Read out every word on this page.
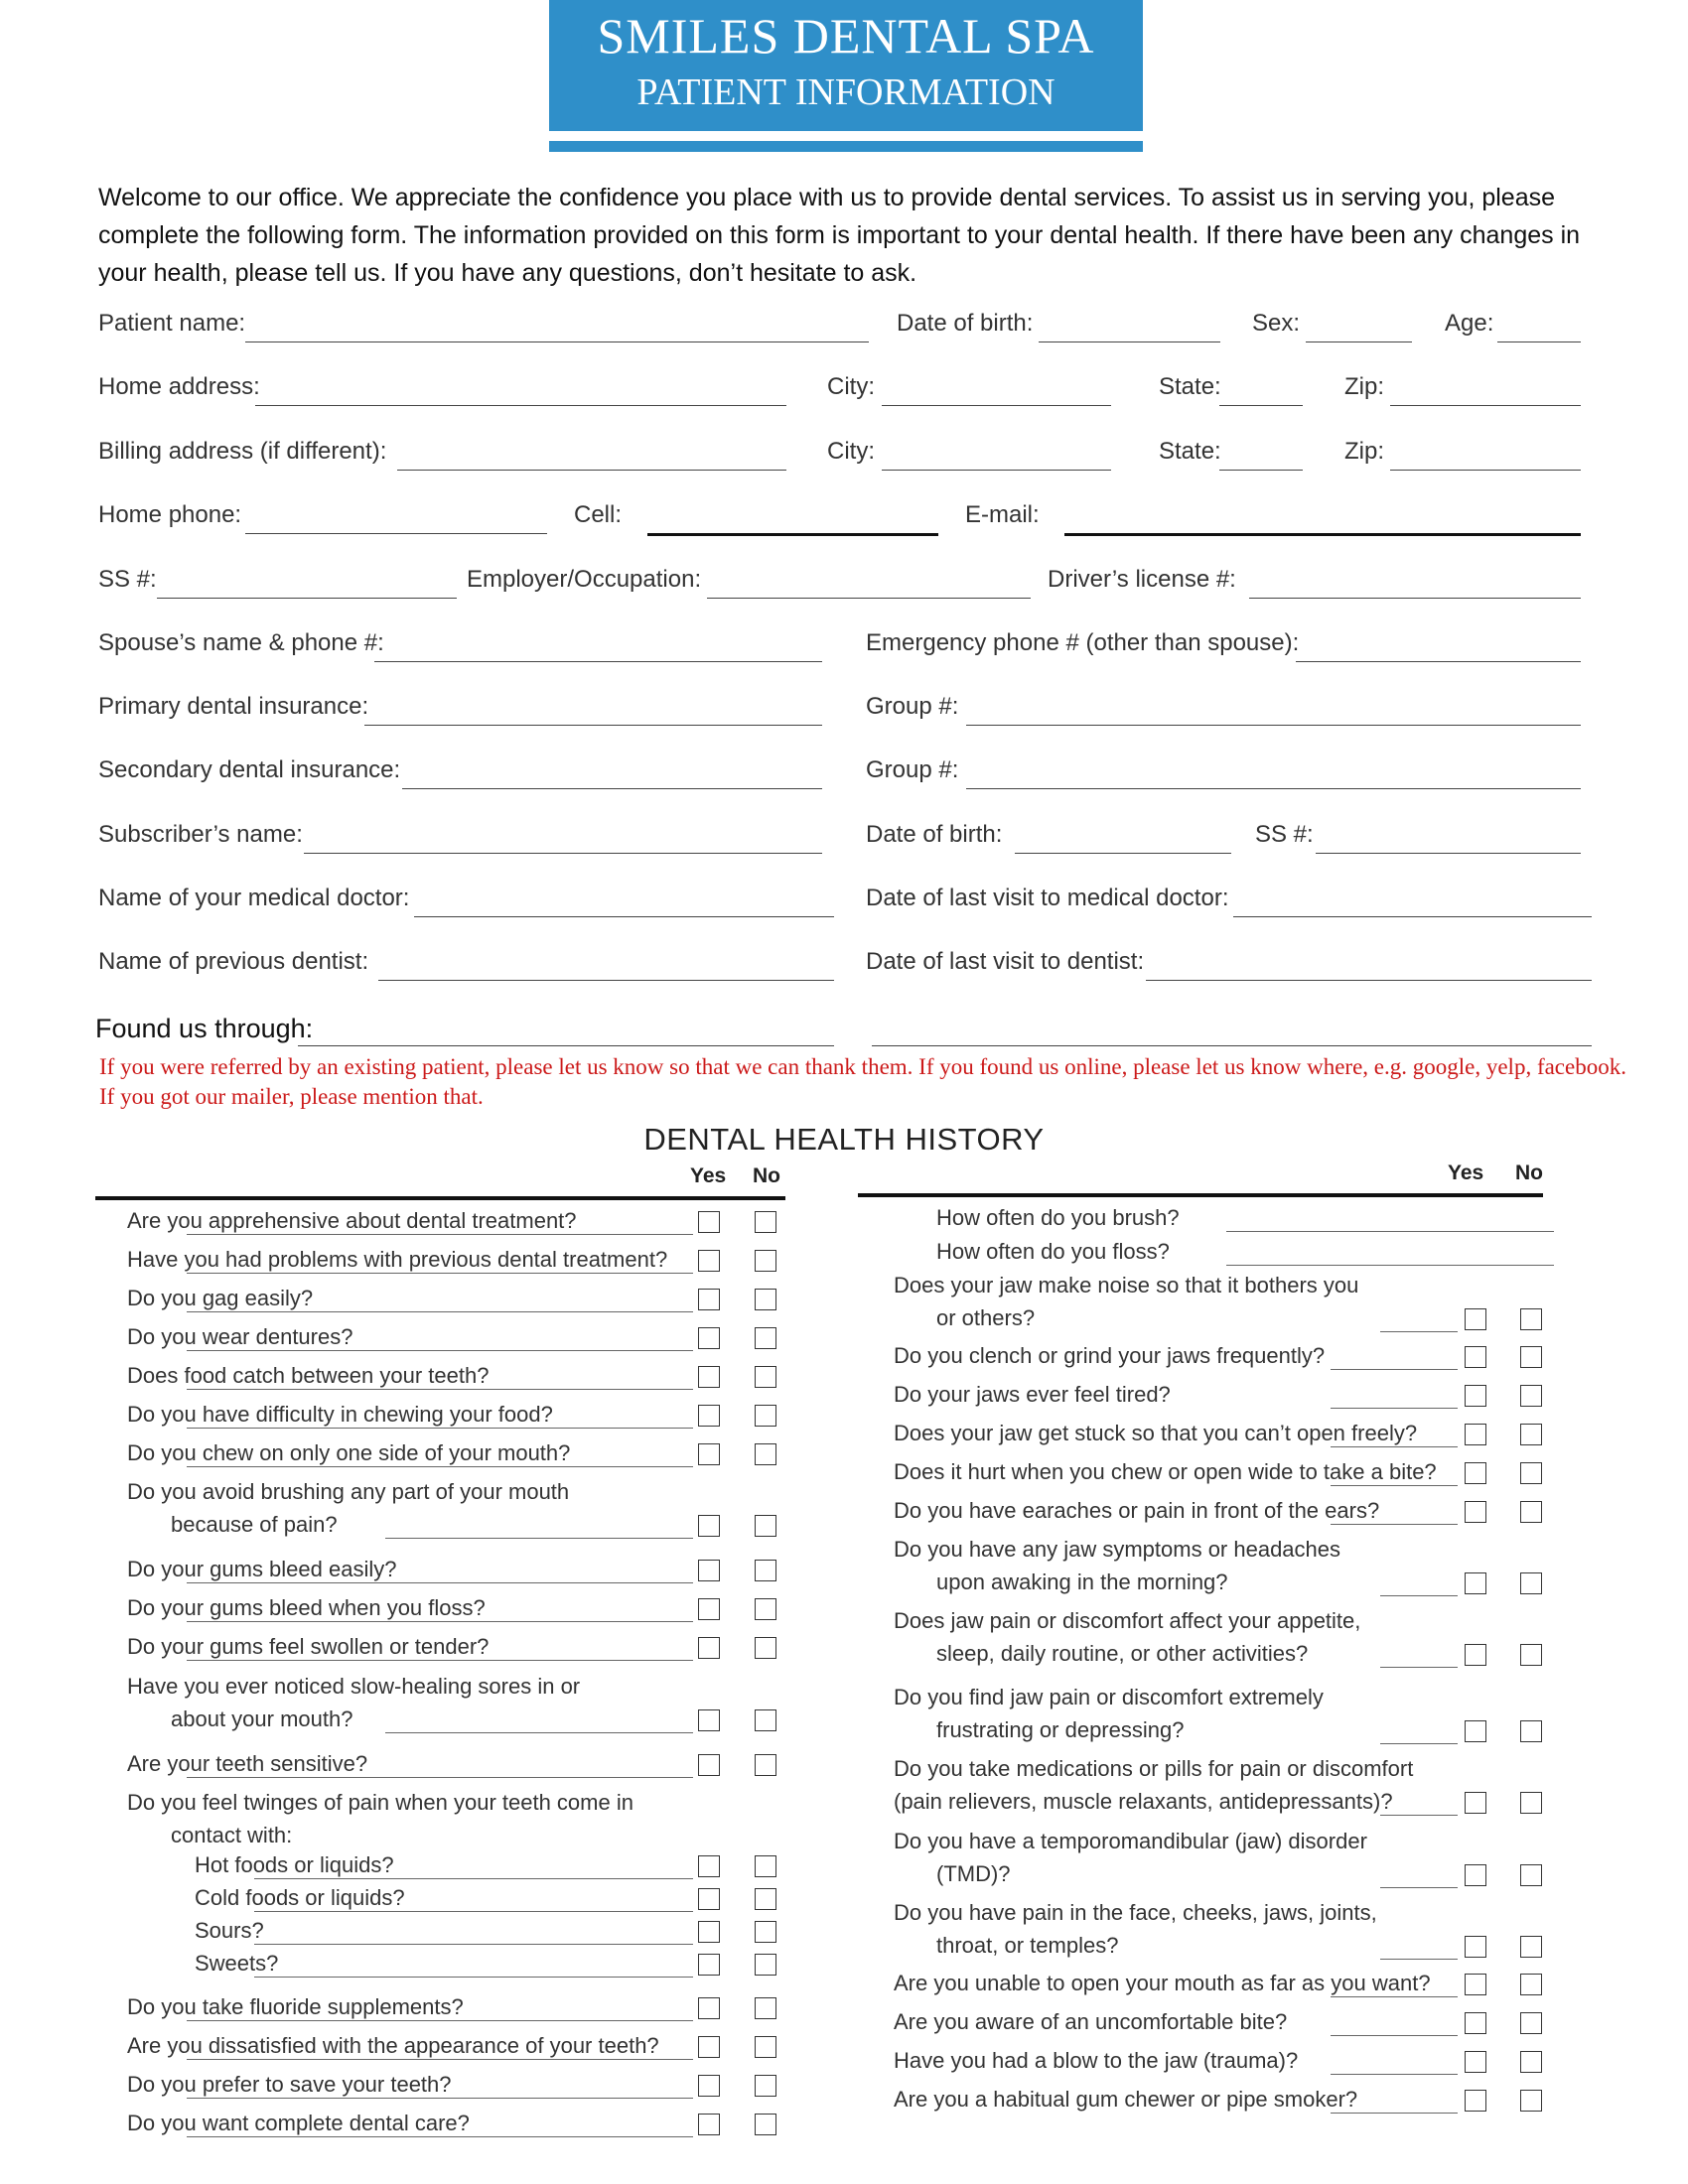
SMILES DENTAL SPA
PATIENT INFORMATION
Welcome to our office. We appreciate the confidence you place with us to provide dental services. To assist us in serving you, please complete the following form. The information provided on this form is important to your dental health. If there have been any changes in your health, please tell us. If you have any questions, don’t hesitate to ask.
Patient name:	Date of birth:	Sex:	Age:
Home address:	City:	State:	Zip:
Billing address (if different):	City:	State:	Zip:
Home phone:	Cell:	E-mail:
SS #:	Employer/Occupation:	Driver’s license #:
Spouse’s name & phone #:	Emergency phone # (other than spouse):
Primary dental insurance:	Group #:
Secondary dental insurance:	Group #:
Subscriber’s name:	Date of birth:	SS #:
Name of your medical doctor:	Date of last visit to medical doctor:
Name of previous dentist:	Date of last visit to dentist:
Found us through:
If you were referred by an existing patient, please let us know so that we can thank them. If you found us online, please let us know where, e.g. google, yelp, facebook. If you got our mailer, please mention that.
DENTAL HEALTH HISTORY
Yes No	Yes No
Are you apprehensive about dental treatment?
Have you had problems with previous dental treatment?
Do you gag easily?
Do you wear dentures?
Does food catch between your teeth?
Do you have difficulty in chewing your food?
Do you chew on only one side of your mouth?
Do you avoid brushing any part of your mouth
because of pain?
Do your gums bleed easily?
Do your gums bleed when you floss?
Do your gums feel swollen or tender?
Have you ever noticed slow-healing sores in or
about your mouth?
Are your teeth sensitive?
Do you feel twinges of pain when your teeth come in
contact with:
Hot foods or liquids?
Cold foods or liquids?
Sours?
Sweets?
Do you take fluoride supplements?
Are you dissatisfied with the appearance of your teeth?
Do you prefer to save your teeth?
Do you want complete dental care?
How often do you brush?
How often do you floss?
Does your jaw make noise so that it bothers you
or others?
Do you clench or grind your jaws frequently?
Do your jaws ever feel tired?
Does your jaw get stuck so that you can’t open freely?
Does it hurt when you chew or open wide to take a bite?
Do you have earaches or pain in front of the ears?
Do you have any jaw symptoms or headaches
upon awaking in the morning?
Does jaw pain or discomfort affect your appetite,
sleep, daily routine, or other activities?
Do you find jaw pain or discomfort extremely
frustrating or depressing?
Do you take medications or pills for pain or discomfort
(pain relievers, muscle relaxants, antidepressants)?
Do you have a temporomandibular (jaw) disorder
(TMD)?
Do you have pain in the face, cheeks, jaws, joints,
throat, or temples?
Are you unable to open your mouth as far as you want?
Are you aware of an uncomfortable bite?
Have you had a blow to the jaw (trauma)?
Are you a habitual gum chewer or pipe smoker?
